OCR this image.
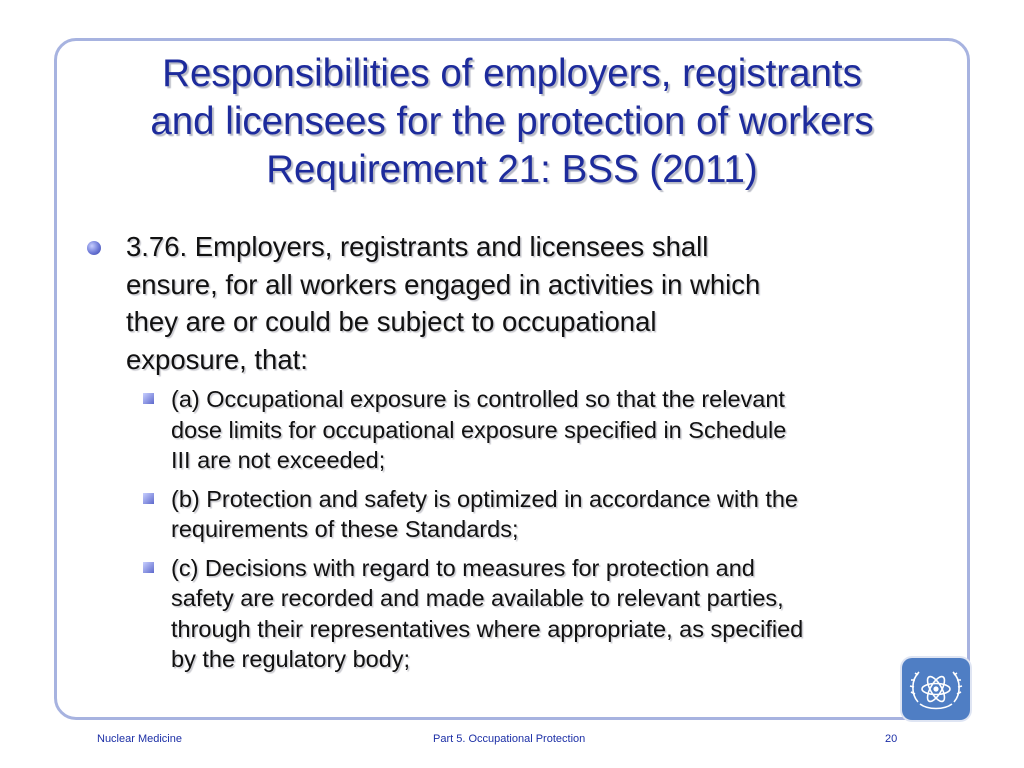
Responsibilities of employers, registrants
and licensees for the protection of workers
Requirement 21: BSS (2011)
3.76. Employers, registrants and licensees shall
ensure, for all workers engaged in activities in which
they are or could be subject to occupational
exposure, that:
(a) Occupational exposure is controlled so that the relevant
dose limits for occupational exposure specified in Schedule
III are not exceeded;
(b) Protection and safety is optimized in accordance with the
requirements of these Standards;
(c) Decisions with regard to measures for protection and
safety are recorded and made available to relevant parties,
through their representatives where appropriate, as specified
by the regulatory body;
Nuclear Medicine	Part 5. Occupational Protection	20
